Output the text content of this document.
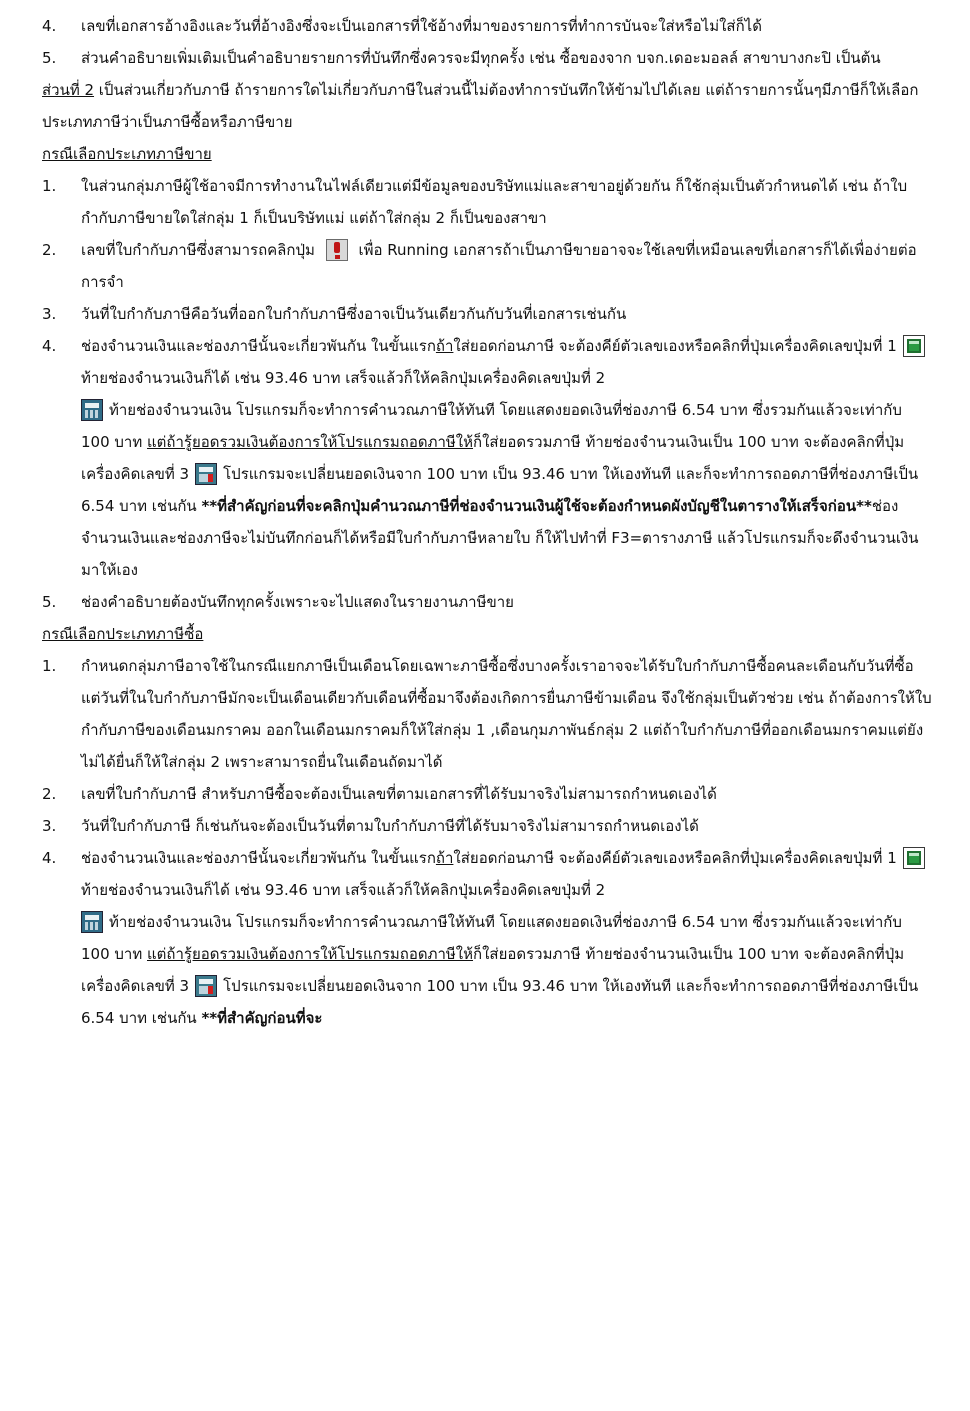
4.	เลขที่เอกสารอ้างอิงและวันที่อ้างอิงซึ่งจะเป็นเอกสารที่ใช้อ้างที่มาของรายการที่ทำการบันจะใส่หรือไม่ใส่ก็ได้
5.	ส่วนคำอธิบายเพิ่มเติมเป็นคำอธิบายรายการที่บันทึกซึ่งควรจะมีทุกครั้ง เช่น ซื้อของจาก บจก.เดอะมอลล์ สาขาบางกะปิ เป็นต้น

ส่วนที่ 2 เป็นส่วนเกี่ยวกับภาษี ถ้ารายการใดไม่เกี่ยวกับภาษีในส่วนนี้ไม่ต้องทำการบันทึกให้ข้ามไปได้เลย แต่ถ้ารายการนั้นๆมีภาษีก็ให้เลือกประเภทภาษีว่าเป็นภาษีซื้อหรือภาษีขาย

กรณีเลือกประเภทภาษีขาย

1.	ในส่วนกลุ่มภาษีผู้ใช้อาจมีการทำงานในไฟล์เดียวแต่มีข้อมูลของบริษัทแม่และสาขาอยู่ด้วยกัน ก็ใช้กลุ่มเป็นตัวกำหนดได้ เช่น ถ้าใบกำกับภาษีขายใดใส่กลุ่ม 1 ก็เป็นบริษัทแม่ แต่ถ้าใส่กลุ่ม 2 ก็เป็นของสาขา
2.	เลขที่ใบกำกับภาษีซึ่งสามารถคลิกปุ่ม	เพื่อ Running เอกสารถ้าเป็นภาษีขายอาจจะใช้เลขที่เหมือนเลขที่เอกสารก็ได้เพื่อง่ายต่อการจำ
3.	วันที่ใบกำกับภาษีคือวันที่ออกใบกำกับภาษีซึ่งอาจเป็นวันเดียวกันกับวันที่เอกสารเช่นกัน
4.	ช่องจำนวนเงินและช่องภาษีนั้นจะเกี่ยวพันกัน ในขั้นแรกถ้าใส่ยอดก่อนภาษี จะต้องคีย์ตัวเลขเองหรือคลิกที่ปุ่มเครื่องคิดเลขปุ่มที่ 1ท้ายช่องจำนวนเงินก็ได้ เช่น 93.46 บาท เสร็จแล้วก็ให้คลิกปุ่มเครื่องคิดเลขปุ่มที่ 2
ท้ายช่องจำนวนเงิน โปรแกรมก็จะทำการคำนวณภาษีให้ทันที โดยแสดงยอดเงินที่ช่องภาษี 6.54 บาท ซึ่งรวมกันแล้วจะเท่ากับ 100 บาท แต่ถ้ารู้ยอดรวมเงินต้องการให้โปรแกรมถอดภาษีให้ก็ใส่ยอดรวมภาษี ท้ายช่องจำนวนเงินเป็น 100 บาท จะต้องคลิกที่ปุ่มเครื่องคิดเลขที่ 3 โปรแกรมจะเปลี่ยนยอดเงินจาก 100 บาท เป็น 93.46 บาท ให้เองทันที และก็จะทำการถอดภาษีที่ช่องภาษีเป็น 6.54 บาท เช่นกัน **ที่สำคัญก่อนที่จะคลิกปุ่มคำนวณภาษีที่ช่องจำนวนเงินผู้ใช้จะต้องกำหนดผังบัญชีในตารางให้เสร็จก่อน**ช่องจำนวนเงินและช่องภาษีจะไม่บันทึกก่อนก็ได้หรือมีใบกำกับภาษีหลายใบ ก็ให้ไปทำที่ F3=ตารางภาษี แล้วโปรแกรมก็จะดึงจำนวนเงินมาให้เอง
5.	ช่องคำอธิบายต้องบันทึกทุกครั้งเพราะจะไปแสดงในรายงานภาษีขาย

กรณีเลือกประเภทภาษีซื้อ

1.	กำหนดกลุ่มภาษีอาจใช้ในกรณีแยกภาษีเป็นเดือนโดยเฉพาะภาษีซื้อซึ่งบางครั้งเราอาจจะได้รับใบกำกับภาษีซื้อคนละเดือนกับวันที่ซื้อแต่วันที่ในใบกำกับภาษีมักจะเป็นเดือนเดียวกับเดือนที่ซื้อมาจึงต้องเกิดการยื่นภาษีข้ามเดือน จึงใช้กลุ่มเป็นตัวช่วย เช่น ถ้าต้องการให้ใบกำกับภาษีของเดือนมกราคม ออกในเดือนมกราคมก็ให้ใส่กลุ่ม 1 ,เดือนกุมภาพันธ์กลุ่ม 2 แต่ถ้าใบกำกับภาษีที่ออกเดือนมกราคมแต่ยังไม่ได้ยื่นก็ให้ใส่กลุ่ม 2 เพราะสามารถยื่นในเดือนถัดมาได้
2.	เลขที่ใบกำกับภาษี สำหรับภาษีซื้อจะต้องเป็นเลขที่ตามเอกสารที่ได้รับมาจริงไม่สามารถกำหนดเองได้
3.	วันที่ใบกำกับภาษี ก็เช่นกันจะต้องเป็นวันที่ตามใบกำกับภาษีที่ได้รับมาจริงไม่สามารถกำหนดเองได้
4.	ช่องจำนวนเงินและช่องภาษีนั้นจะเกี่ยวพันกัน ในขั้นแรกถ้าใส่ยอดก่อนภาษี จะต้องคีย์ตัวเลขเองหรือคลิกที่ปุ่มเครื่องคิดเลขปุ่มที่ 1ท้ายช่องจำนวนเงินก็ได้ เช่น 93.46 บาท เสร็จแล้วก็ให้คลิกปุ่มเครื่องคิดเลขปุ่มที่ 2
ท้ายช่องจำนวนเงิน โปรแกรมก็จะทำการคำนวณภาษีให้ทันที โดยแสดงยอดเงินที่ช่องภาษี 6.54 บาท ซึ่งรวมกันแล้วจะเท่ากับ 100 บาท แต่ถ้ารู้ยอดรวมเงินต้องการให้โปรแกรมถอดภาษีให้ก็ใส่ยอดรวมภาษี ท้ายช่องจำนวนเงินเป็น 100 บาท จะต้องคลิกที่ปุ่มเครื่องคิดเลขที่ 3 โปรแกรมจะเปลี่ยนยอดเงินจาก 100 บาท เป็น 93.46 บาท ให้เองทันที และก็จะทำการถอดภาษีที่ช่องภาษีเป็น 6.54 บาท เช่นกัน **ที่สำคัญก่อนที่จะ
